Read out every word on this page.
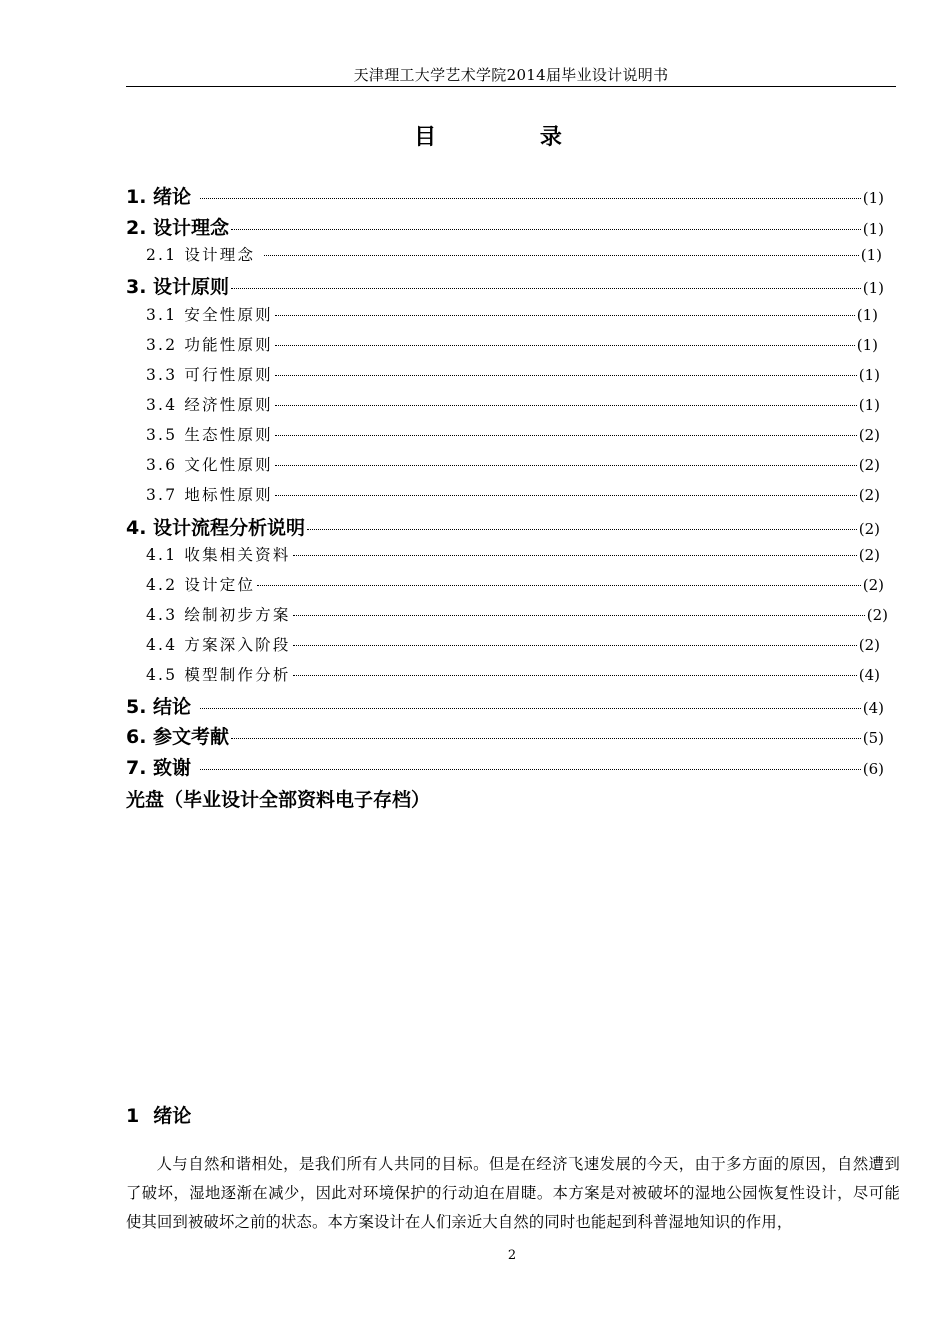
天津理工大学艺术学院2014届毕业设计说明书
目 录
1. 绪论	(1)
2. 设计理念	(1)
2.1 设计理念	(1)
3. 设计原则	(1)
3.1 安全性原则	(1)
3.2 功能性原则	(1)
3.3 可行性原则	(1)
3.4 经济性原则	(1)
3.5 生态性原则	(2)
3.6 文化性原则	(2)
3.7 地标性原则	(2)
4. 设计流程分析说明	(2)
4.1 收集相关资料	(2)
4.2 设计定位	(2)
4.3 绘制初步方案	(2)
4.4 方案深入阶段	(2)
4.5 模型制作分析	(4)
5. 结论	(4)
6. 参文考献	(5)
7. 致谢	(6)
光盘（毕业设计全部资料电子存档）
1 绪论
人与自然和谐相处，是我们所有人共同的目标。但是在经济飞速发展的今天，由于多方面的原因，自然遭到了破坏，湿地逐渐在减少，因此对环境保护的行动迫在眉睫。本方案是对被破坏的湿地公园恢复性设计，尽可能使其回到被破坏之前的状态。本方案设计在人们亲近大自然的同时也能起到科普湿地知识的作用，
2
